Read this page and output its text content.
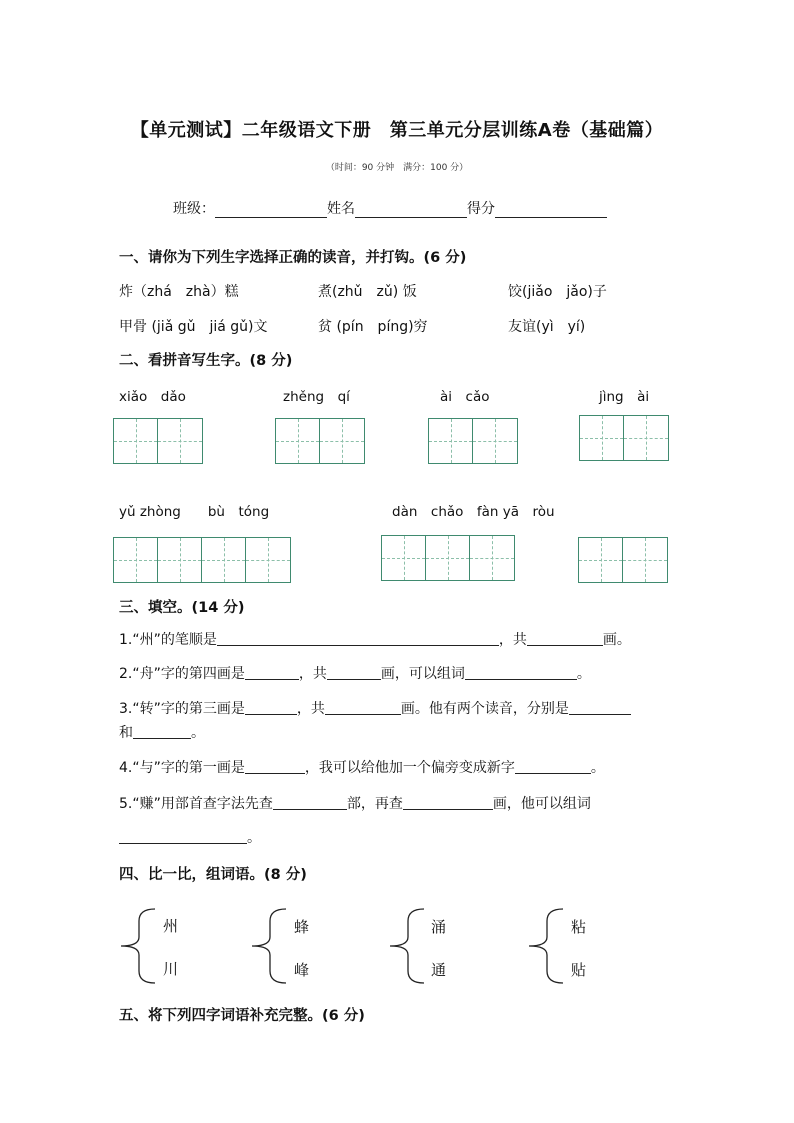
【单元测试】二年级语文下册　第三单元分层训练A卷（基础篇）
（时间：90 分钟　满分：100 分）
班级：	姓名	得分
一、请你为下列生字选择正确的读音，并打钩。(6 分)
炸（zhá　zhà）糕	煮(zhǔ　zǔ) 饭	饺(jiǎo　jǎo)子
甲骨 (jiǎ gǔ　jiá gǔ)文	贫 (pín　píng)穷	友谊(yì　yí)
二、看拼音写生字。(8 分)
xiǎo　dǎo	zhěng　qí	ài　cǎo	jìng　ài
yǔ zhòng　　bù　tóng	dàn　chǎo　fàn yā　ròu
三、填空。(14 分)
1.“州”的笔顺是	，共	画。
2.“舟”字的第四画是	，共	画，可以组词	。
3.“转”字的第三画是	，共	画。他有两个读音，分别是
和	。
4.“与”字的第一画是	，我可以给他加一个偏旁变成新字	。
5.“赚”用部首查字法先查	部，再查	画，他可以组词
。
四、比一比，组词语。(8 分)
州
川
蜂
峰
涌
通
粘
贴
五、将下列四字词语补充完整。(6 分)
